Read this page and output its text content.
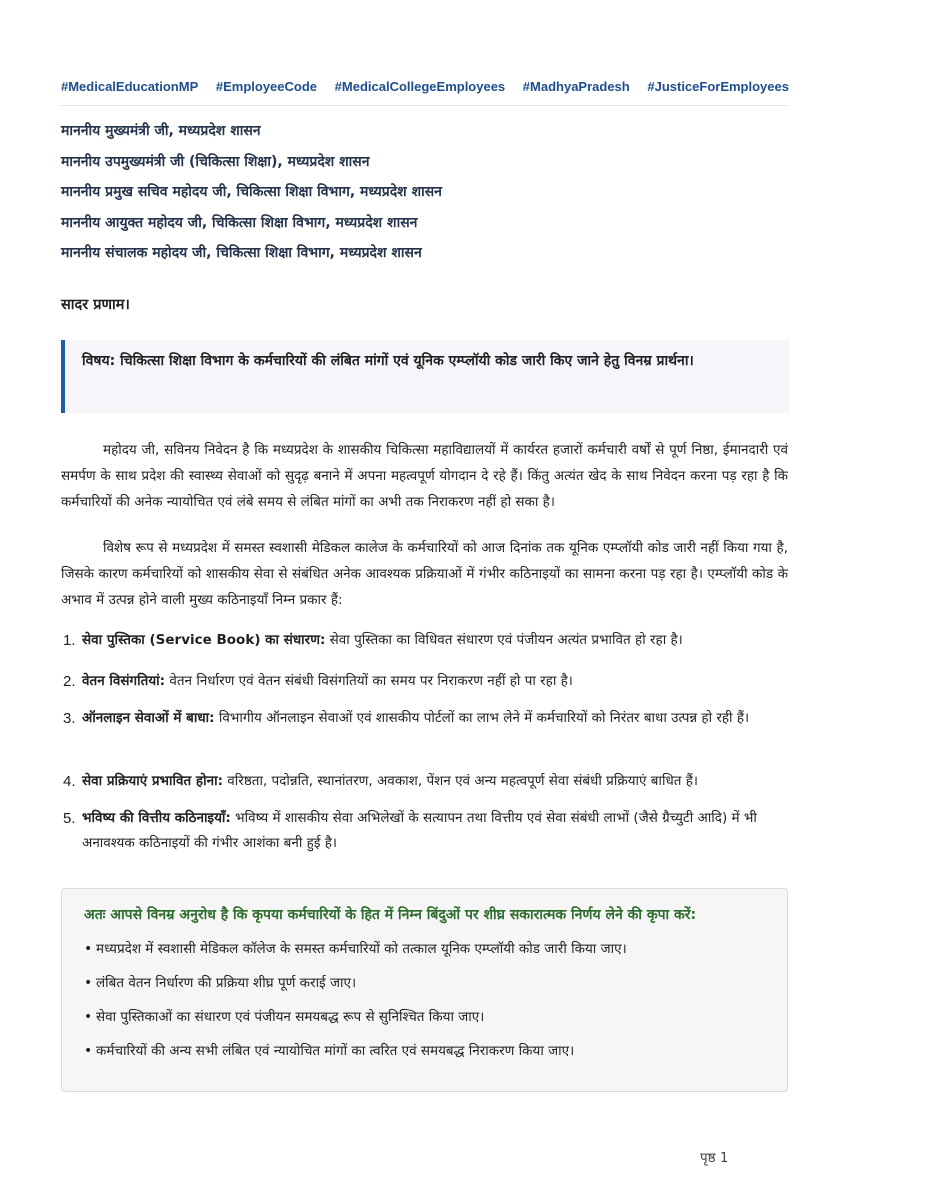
#MedicalEducationMP #EmployeeCode #MedicalCollegeEmployees #MadhyaPradesh #JusticeForEmployees
माननीय मुख्यमंत्री जी, मध्यप्रदेश शासन
माननीय उपमुख्यमंत्री जी (चिकित्सा शिक्षा), मध्यप्रदेश शासन
माननीय प्रमुख सचिव महोदय जी, चिकित्सा शिक्षा विभाग, मध्यप्रदेश शासन
माननीय आयुक्त महोदय जी, चिकित्सा शिक्षा विभाग, मध्यप्रदेश शासन
माननीय संचालक महोदय जी, चिकित्सा शिक्षा विभाग, मध्यप्रदेश शासन
सादर प्रणाम।
विषय: चिकित्सा शिक्षा विभाग के कर्मचारियों की लंबित मांगों एवं यूनिक एम्प्लॉयी कोड जारी किए जाने हेतु विनम्र प्रार्थना।
महोदय जी, सविनय निवेदन है कि मध्यप्रदेश के शासकीय चिकित्सा महाविद्यालयों में कार्यरत हजारों कर्मचारी वर्षों से पूर्ण निष्ठा, ईमानदारी एवं समर्पण के साथ प्रदेश की स्वास्थ्य सेवाओं को सुदृढ़ बनाने में अपना महत्वपूर्ण योगदान दे रहे हैं। किंतु अत्यंत खेद के साथ निवेदन करना पड़ रहा है कि कर्मचारियों की अनेक न्यायोचित एवं लंबे समय से लंबित मांगों का अभी तक निराकरण नहीं हो सका है।
विशेष रूप से मध्यप्रदेश में समस्त स्वशासी मेडिकल कालेज के कर्मचारियों को आज दिनांक तक यूनिक एम्प्लॉयी कोड जारी नहीं किया गया है, जिसके कारण कर्मचारियों को शासकीय सेवा से संबंधित अनेक आवश्यक प्रक्रियाओं में गंभीर कठिनाइयों का सामना करना पड़ रहा है। एम्प्लॉयी कोड के अभाव में उत्पन्न होने वाली मुख्य कठिनाइयाँ निम्न प्रकार हैं:
1. सेवा पुस्तिका (Service Book) का संधारण: सेवा पुस्तिका का विधिवत संधारण एवं पंजीयन अत्यंत प्रभावित हो रहा है।
2. वेतन विसंगतियां: वेतन निर्धारण एवं वेतन संबंधी विसंगतियों का समय पर निराकरण नहीं हो पा रहा है।
3. ऑनलाइन सेवाओं में बाधा: विभागीय ऑनलाइन सेवाओं एवं शासकीय पोर्टलों का लाभ लेने में कर्मचारियों को निरंतर बाधा उत्पन्न हो रही हैं।
4. सेवा प्रक्रियाएं प्रभावित होना: वरिष्ठता, पदोन्नति, स्थानांतरण, अवकाश, पेंशन एवं अन्य महत्वपूर्ण सेवा संबंधी प्रक्रियाएं बाधित हैं।
5. भविष्य की वित्तीय कठिनाइयाँ: भविष्य में शासकीय सेवा अभिलेखों के सत्यापन तथा वित्तीय एवं सेवा संबंधी लाभों (जैसे ग्रैच्युटी आदि) में भी अनावश्यक कठिनाइयों की गंभीर आशंका बनी हुई है।
अतः आपसे विनम्र अनुरोध है कि कृपया कर्मचारियों के हित में निम्न बिंदुओं पर शीघ्र सकारात्मक निर्णय लेने की कृपा करें:
• मध्यप्रदेश में स्वशासी मेडिकल कॉलेज के समस्त कर्मचारियों को तत्काल यूनिक एम्प्लॉयी कोड जारी किया जाए।
• लंबित वेतन निर्धारण की प्रक्रिया शीघ्र पूर्ण कराई जाए।
• सेवा पुस्तिकाओं का संधारण एवं पंजीयन समयबद्ध रूप से सुनिश्चित किया जाए।
• कर्मचारियों की अन्य सभी लंबित एवं न्यायोचित मांगों का त्वरित एवं समयबद्ध निराकरण किया जाए।
पृष्ठ 1
